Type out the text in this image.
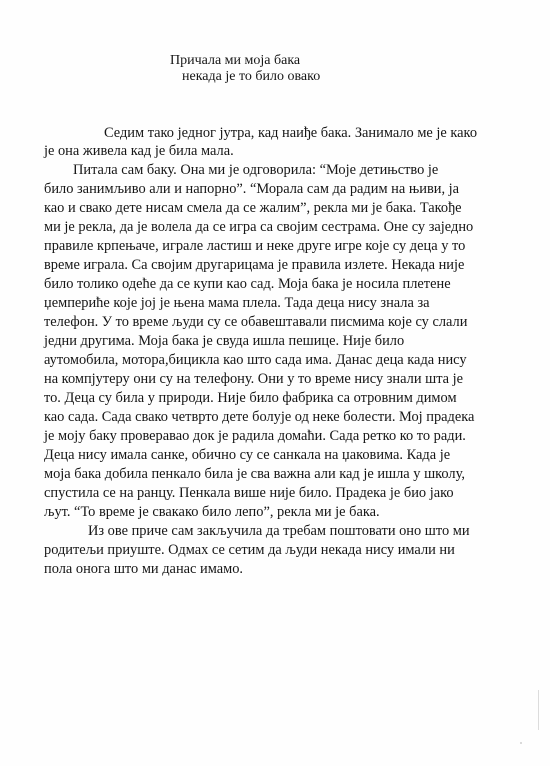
Причала ми моја бака
некада је то било овако
Седим тако једног јутра, кад наиђе бака. Занимало ме је како
је она живела кад је била мала.
Питала сам баку. Она ми је одговорила: “Моје детињство је
било занимљиво али и напорно”. “Морала сам да радим на њиви, ја
као и свако дете нисам смела да се жалим”, рекла ми је бака. Такође
ми је рекла, да је волела да се игра са својим сестрама. Оне су заједно
правиле крпењаче, играле ластиш и неке друге игре које су деца у то
време играла. Са својим другарицама је правила излете. Некада није
било толико одеће да се купи као сад. Моја бака је носила плетене
џемпериће које јој је њена мама плела. Тада деца нису знала за
телефон. У то време људи су се обавештавали писмима које су слали
једни другима. Моја бака је свуда ишла пешице. Није било
аутомобила, мотора,бицикла као што сада има. Данас деца када нису
на компјутеру они су на телефону. Они у то време нису знали шта је
то. Деца су била у природи. Није било фабрика са отровним димом
као сада. Сада свако четврто дете болује од неке болести. Мој прадека
је мојy баку проверавао док је радила домаћи. Сада ретко ко то ради.
Деца нису имала санке, обично су се санкала на џаковима. Када је
моја бака добила пенкало била је сва важна али кад је ишла у школу,
спустила се на ранцу. Пенкала више није било. Прадека је био јако
љут. “То време је свакако било лепо”, рекла ми је бака.
Из ове приче сам закључила да требам поштовати оно што ми
родитељи приуште. Одмах се сетим да људи некада нису имали ни
пола оногa што ми данас имамо.
